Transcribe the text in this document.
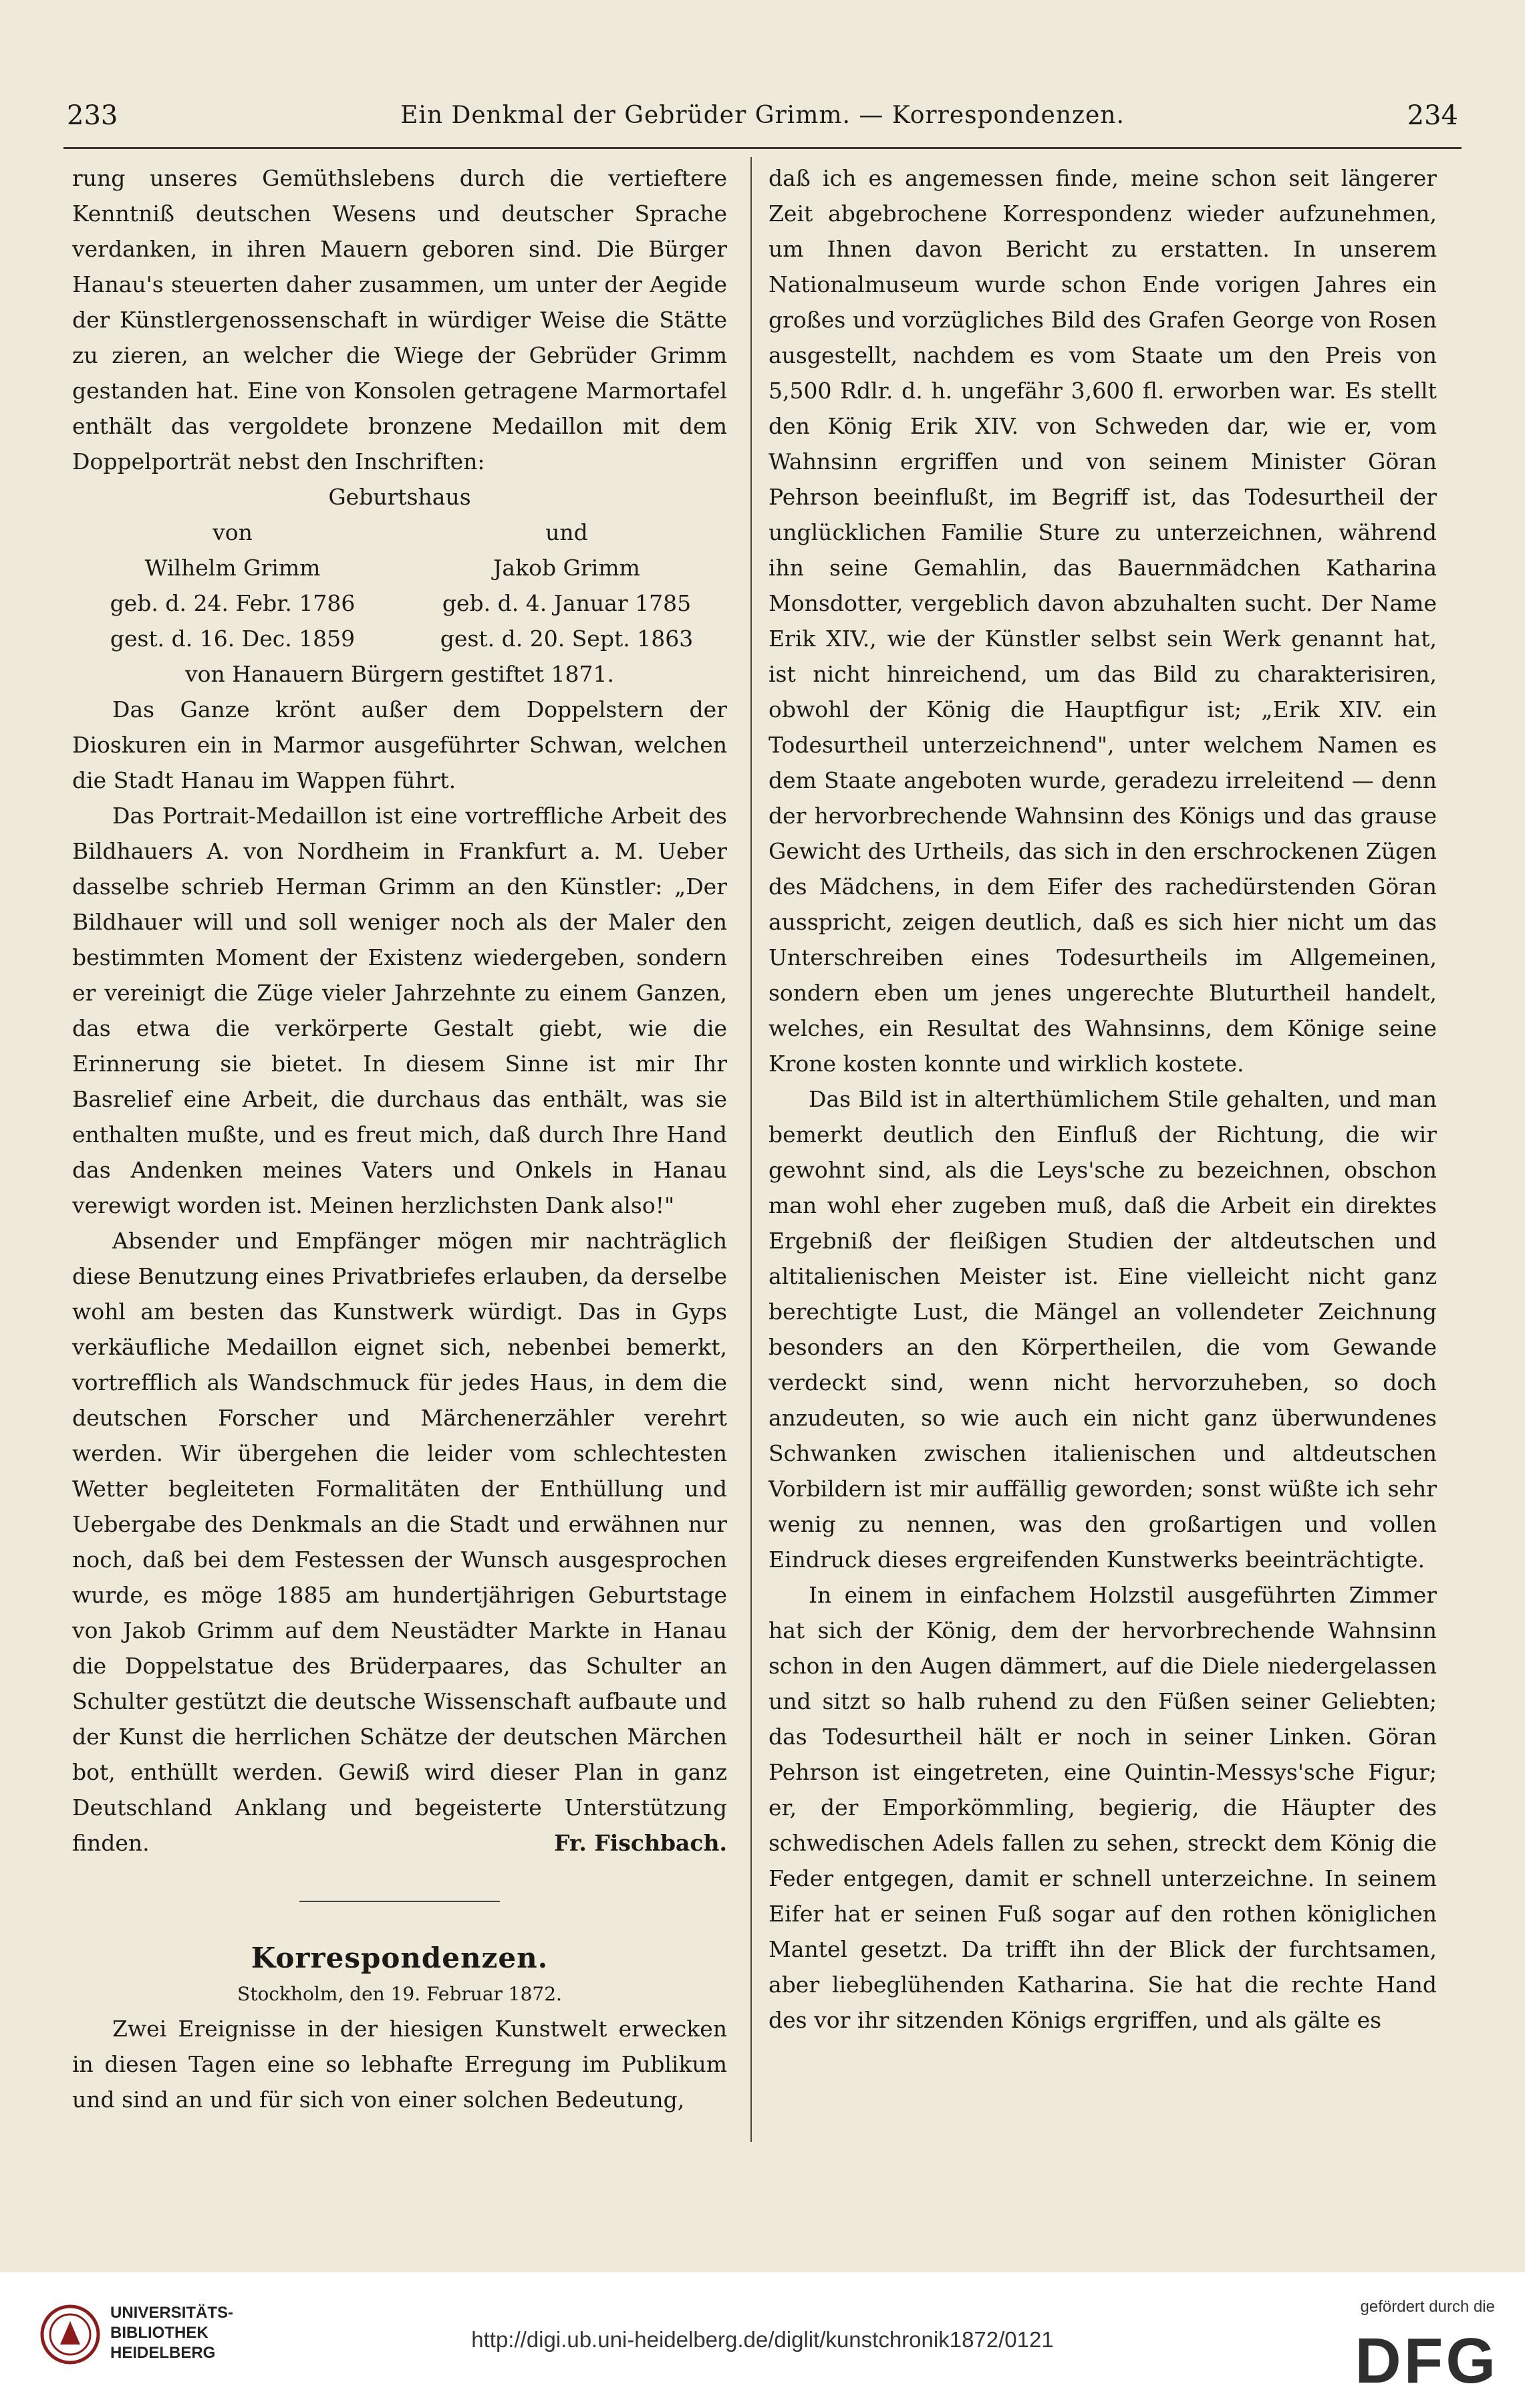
233	Ein Denkmal der Gebrüder Grimm. — Korrespondenzen.	234

rung unseres Gemüthslebens durch die vertieftere Kenntniß deutschen Wesens und deutscher Sprache verdanken, in ihren Mauern geboren sind. Die Bürger Hanau's steuerten daher zusammen, um unter der Aegide der Künstlergenossenschaft in würdiger Weise die Stätte zu zieren, an welcher die Wiege der Gebrüder Grimm gestanden hat. Eine von Konsolen getragene Marmortafel enthält das vergoldete bronzene Medaillon mit dem Doppelporträt nebst den Inschriften:

Geburtshaus
von	und
Wilhelm Grimm	Jakob Grimm
geb. d. 24. Febr. 1786	geb. d. 4. Januar 1785
gest. d. 16. Dec. 1859	gest. d. 20. Sept. 1863
von Hanauern Bürgern gestiftet 1871.

Das Ganze krönt außer dem Doppelstern der Dioskuren ein in Marmor ausgeführter Schwan, welchen die Stadt Hanau im Wappen führt.

Das Portrait-Medaillon ist eine vortreffliche Arbeit des Bildhauers A. von Nordheim in Frankfurt a. M. Ueber dasselbe schrieb Herman Grimm an den Künstler: „Der Bildhauer will und soll weniger noch als der Maler den bestimmten Moment der Existenz wiedergeben, sondern er vereinigt die Züge vieler Jahrzehnte zu einem Ganzen, das etwa die verkörperte Gestalt giebt, wie die Erinnerung sie bietet. In diesem Sinne ist mir Ihr Basrelief eine Arbeit, die durchaus das enthält, was sie enthalten mußte, und es freut mich, daß durch Ihre Hand das Andenken meines Vaters und Onkels in Hanau verewigt worden ist. Meinen herzlichsten Dank also!"

Absender und Empfänger mögen mir nachträglich diese Benutzung eines Privatbriefes erlauben, da derselbe wohl am besten das Kunstwerk würdigt. Das in Gyps verkäufliche Medaillon eignet sich, nebenbei bemerkt, vortrefflich als Wandschmuck für jedes Haus, in dem die deutschen Forscher und Märchenerzähler verehrt werden. Wir übergehen die leider vom schlechtesten Wetter begleiteten Formalitäten der Enthüllung und Uebergabe des Denkmals an die Stadt und erwähnen nur noch, daß bei dem Festessen der Wunsch ausgesprochen wurde, es möge 1885 am hundertjährigen Geburtstage von Jakob Grimm auf dem Neustädter Markte in Hanau die Doppelstatue des Brüderpaares, das Schulter an Schulter gestützt die deutsche Wissenschaft aufbaute und der Kunst die herrlichen Schätze der deutschen Märchen bot, enthüllt werden. Gewiß wird dieser Plan in ganz Deutschland Anklang und begeisterte Unterstützung finden.	Fr. Fischbach.
Korrespondenzen.
Stockholm, den 19. Februar 1872.

Zwei Ereignisse in der hiesigen Kunstwelt erwecken in diesen Tagen eine so lebhafte Erregung im Publikum und sind an und für sich von einer solchen Bedeutung,

daß ich es angemessen finde, meine schon seit längerer Zeit abgebrochene Korrespondenz wieder aufzunehmen, um Ihnen davon Bericht zu erstatten. In unserem Nationalmuseum wurde schon Ende vorigen Jahres ein großes und vorzügliches Bild des Grafen George von Rosen ausgestellt, nachdem es vom Staate um den Preis von 5,500 Rdlr. d. h. ungefähr 3,600 fl. erworben war. Es stellt den König Erik XIV. von Schweden dar, wie er, vom Wahnsinn ergriffen und von seinem Minister Göran Pehrson beeinflußt, im Begriff ist, das Todesurtheil der unglücklichen Familie Sture zu unterzeichnen, während ihn seine Gemahlin, das Bauernmädchen Katharina Monsdotter, vergeblich davon abzuhalten sucht. Der Name Erik XIV., wie der Künstler selbst sein Werk genannt hat, ist nicht hinreichend, um das Bild zu charakterisiren, obwohl der König die Hauptfigur ist; „Erik XIV. ein Todesurtheil unterzeichnend", unter welchem Namen es dem Staate angeboten wurde, geradezu irreleitend — denn der hervorbrechende Wahnsinn des Königs und das grause Gewicht des Urtheils, das sich in den erschrockenen Zügen des Mädchens, in dem Eifer des rachedürstenden Göran ausspricht, zeigen deutlich, daß es sich hier nicht um das Unterschreiben eines Todesurtheils im Allgemeinen, sondern eben um jenes ungerechte Bluturtheil handelt, welches, ein Resultat des Wahnsinns, dem Könige seine Krone kosten konnte und wirklich kostete.

Das Bild ist in alterthümlichem Stile gehalten, und man bemerkt deutlich den Einfluß der Richtung, die wir gewohnt sind, als die Leys'sche zu bezeichnen, obschon man wohl eher zugeben muß, daß die Arbeit ein direktes Ergebniß der fleißigen Studien der altdeutschen und altitalienischen Meister ist. Eine vielleicht nicht ganz berechtigte Lust, die Mängel an vollendeter Zeichnung besonders an den Körpertheilen, die vom Gewande verdeckt sind, wenn nicht hervorzuheben, so doch anzudeuten, so wie auch ein nicht ganz überwundenes Schwanken zwischen italienischen und altdeutschen Vorbildern ist mir auffällig geworden; sonst wüßte ich sehr wenig zu nennen, was den großartigen und vollen Eindruck dieses ergreifenden Kunstwerks beeinträchtigte.

In einem in einfachem Holzstil ausgeführten Zimmer hat sich der König, dem der hervorbrechende Wahnsinn schon in den Augen dämmert, auf die Diele niedergelassen und sitzt so halb ruhend zu den Füßen seiner Geliebten; das Todesurtheil hält er noch in seiner Linken. Göran Pehrson ist eingetreten, eine Quintin-Messys'sche Figur; er, der Emporkömmling, begierig, die Häupter des schwedischen Adels fallen zu sehen, streckt dem König die Feder entgegen, damit er schnell unterzeichne. In seinem Eifer hat er seinen Fuß sogar auf den rothen königlichen Mantel gesetzt. Da trifft ihn der Blick der furchtsamen, aber liebeglühenden Katharina. Sie hat die rechte Hand des vor ihr sitzenden Königs ergriffen, und als gälte es

UNIVERSITÄTS-
BIBLIOTHEK
HEIDELBERG
http://digi.ub.uni-heidelberg.de/diglit/kunstchronik1872/0121
gefördert durch die
DFG
